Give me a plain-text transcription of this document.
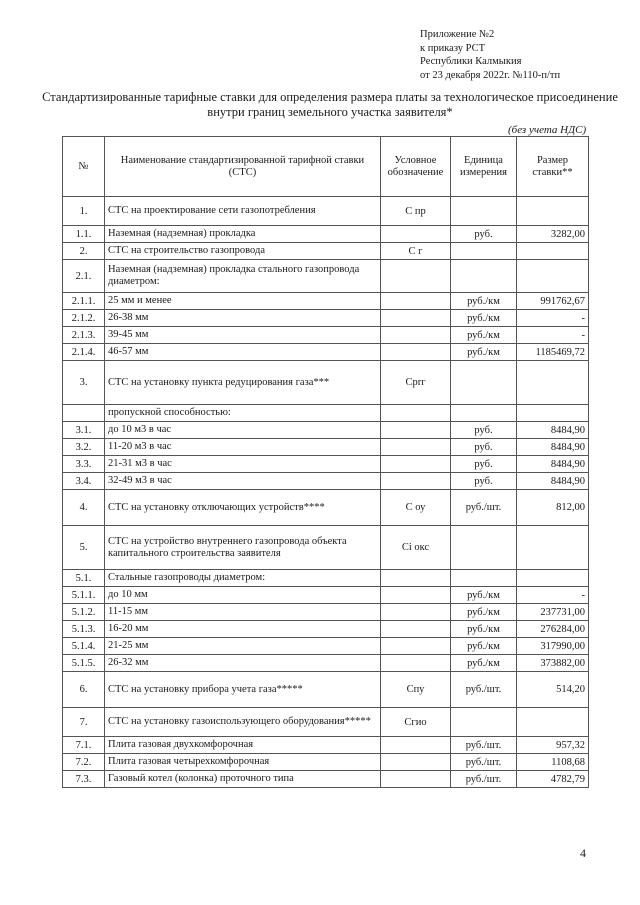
Приложение №2
к приказу РСТ
Республики Калмыкия
от 23 декабря 2022г. №110-п/тп
Стандартизированные тарифные ставки для определения размера платы за технологическое присоединение внутри границ земельного участка заявителя*
(без учета НДС)
№	Наименование стандартизированной тарифной ставки (СТС)	Условное обозначение	Единица измерения	Размер ставки**
1.	СТС на проектирование сети газопотребления	С пр		
1.1.	Наземная (надземная) прокладка		руб.	3282,00
2.	СТС на строительство газопровода	С г		
2.1.	Наземная (надземная) прокладка стального газопровода диаметром:			
2.1.1.	25 мм и менее		руб./км	991762,67
2.1.2.	26-38 мм		руб./км	-
2.1.3.	39-45 мм		руб./км	-
2.1.4.	46-57 мм		руб./км	1185469,72
3.	СТС на установку пункта редуцирования газа***	Сprг		
	пропускной способностью:			
3.1.	до 10 м3 в час		руб.	8484,90
3.2.	11-20 м3 в час		руб.	8484,90
3.3.	21-31 м3 в час		руб.	8484,90
3.4.	32-49 м3 в час		руб.	8484,90
4.	СТС на установку отключающих устройств****	С оу	руб./шт.	812,00
5.	СТС на устройство внутреннего газопровода объекта капитального строительства заявителя	Сi окс		
5.1.	Стальные газопроводы диаметром:			
5.1.1.	до 10 мм		руб./км	-
5.1.2.	11-15 мм		руб./км	237731,00
5.1.3.	16-20 мм		руб./км	276284,00
5.1.4.	21-25 мм		руб./км	317990,00
5.1.5.	26-32 мм		руб./км	373882,00
6.	СТС на установку прибора учета газа*****	Спу	руб./шт.	514,20
7.	СТС на установку газоиспользующего оборудования*****	Сгио		
7.1.	Плита газовая двухкомфорочная		руб./шт.	957,32
7.2.	Плита газовая четырехкомфорочная		руб./шт.	1108,68
7.3.	Газовый котел (колонка) проточного типа		руб./шт.	4782,79
4
